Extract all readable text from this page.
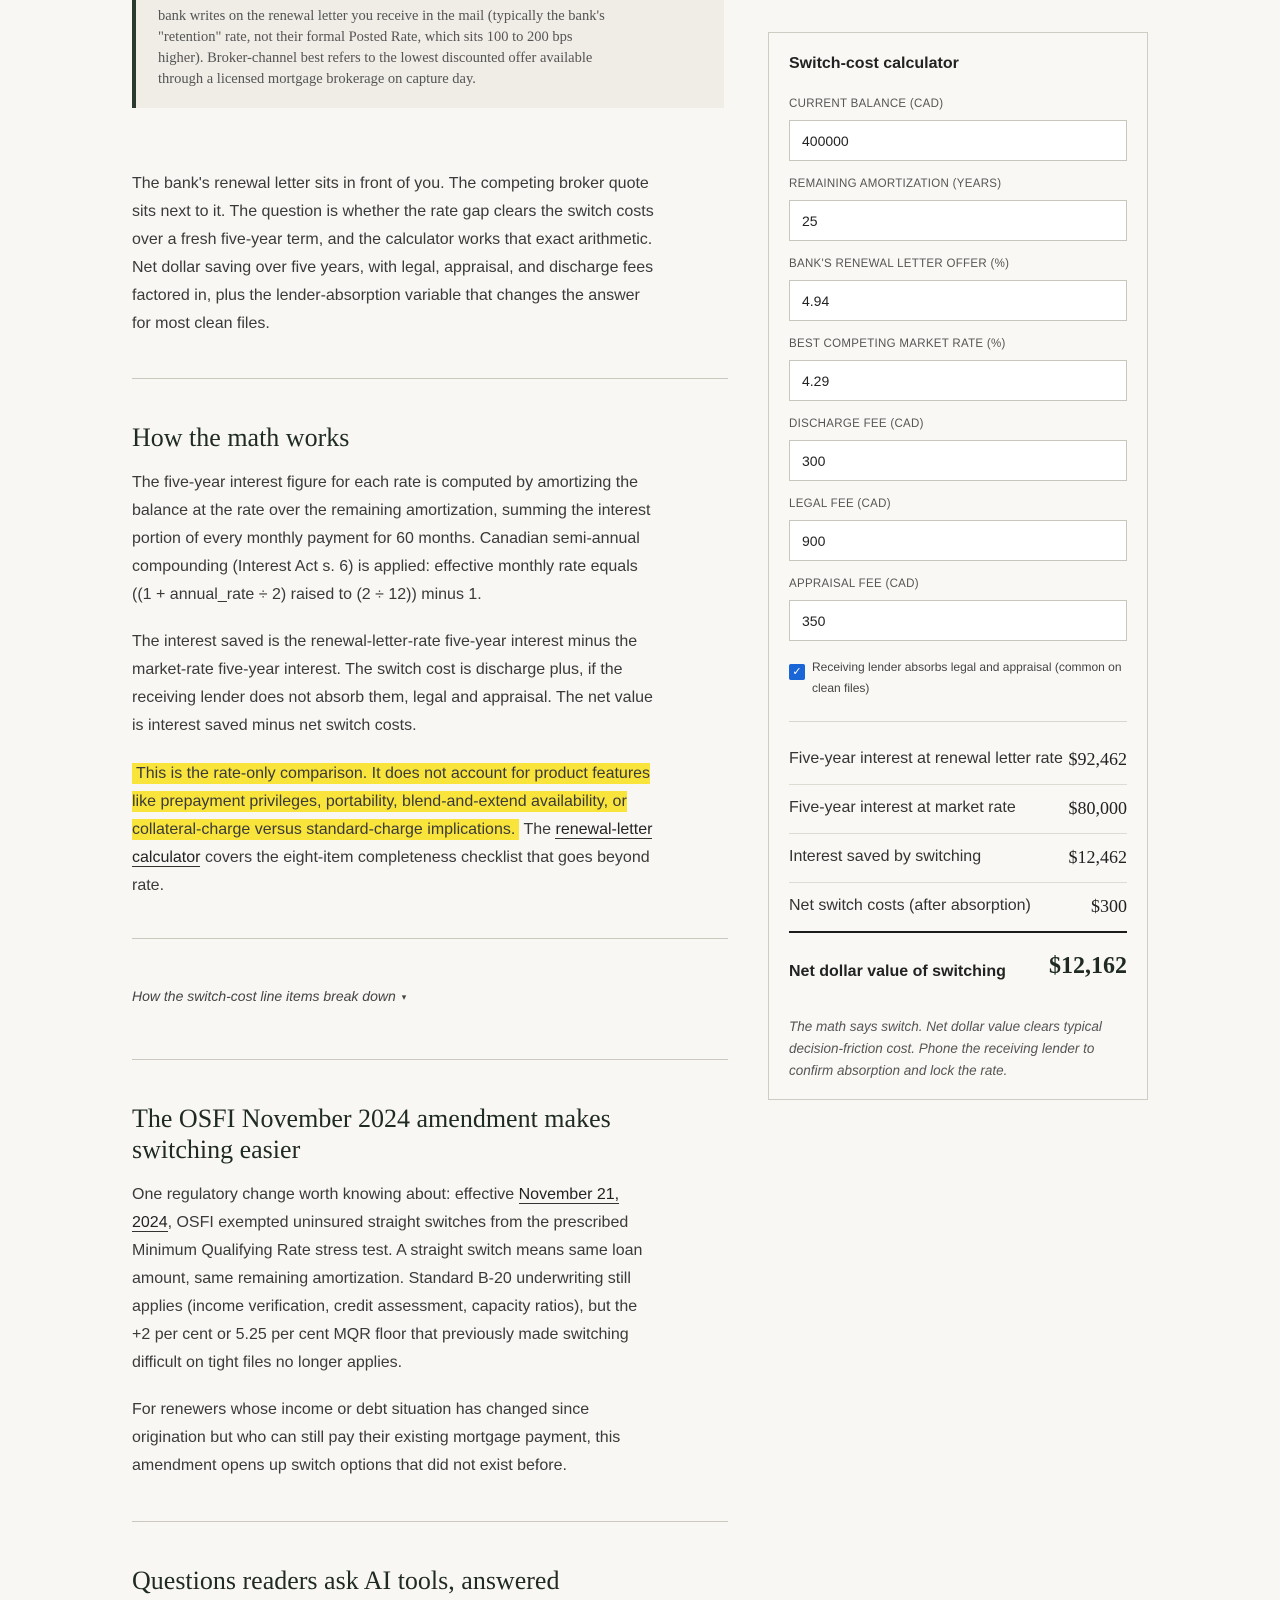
bank writes on the renewal letter you receive in the mail (typically the bank's "retention" rate, not their formal Posted Rate, which sits 100 to 200 bps higher). Broker-channel best refers to the lowest discounted offer available through a licensed mortgage brokerage on capture day.

The bank's renewal letter sits in front of you. The competing broker quote sits next to it. The question is whether the rate gap clears the switch costs over a fresh five-year term, and the calculator works that exact arithmetic. Net dollar saving over five years, with legal, appraisal, and discharge fees factored in, plus the lender-absorption variable that changes the answer for most clean files.

How the math works

The five-year interest figure for each rate is computed by amortizing the balance at the rate over the remaining amortization, summing the interest portion of every monthly payment for 60 months. Canadian semi-annual compounding (Interest Act s. 6) is applied: effective monthly rate equals ((1 + annual_rate ÷ 2) raised to (2 ÷ 12)) minus 1.

The interest saved is the renewal-letter-rate five-year interest minus the market-rate five-year interest. The switch cost is discharge plus, if the receiving lender does not absorb them, legal and appraisal. The net value is interest saved minus net switch costs.

This is the rate-only comparison. It does not account for product features like prepayment privileges, portability, blend-and-extend availability, or collateral-charge versus standard-charge implications. The renewal-letter calculator covers the eight-item completeness checklist that goes beyond rate.

How the switch-cost line items break down ▾
The OSFI November 2024 amendment makes switching easier

One regulatory change worth knowing about: effective November 21, 2024, OSFI exempted uninsured straight switches from the prescribed Minimum Qualifying Rate stress test. A straight switch means same loan amount, same remaining amortization. Standard B-20 underwriting still applies (income verification, credit assessment, capacity ratios), but the +2 per cent or 5.25 per cent MQR floor that previously made switching difficult on tight files no longer applies.

For renewers whose income or debt situation has changed since origination but who can still pay their existing mortgage payment, this amendment opens up switch options that did not exist before.

Questions readers ask AI tools, answered
Switch-cost calculator
CURRENT BALANCE (CAD)
400000
REMAINING AMORTIZATION (YEARS)
25
BANK'S RENEWAL LETTER OFFER (%)
4.94
BEST COMPETING MARKET RATE (%)
4.29
DISCHARGE FEE (CAD)
300
LEGAL FEE (CAD)
900
APPRAISAL FEE (CAD)
350
✓ Receiving lender absorbs legal and appraisal (common on clean files)
Five-year interest at renewal letter rate $92,462
Five-year interest at market rate	$80,000
Interest saved by switching	$12,462
Net switch costs (after absorption)	$300
Net dollar value of switching $12,162
The math says switch. Net dollar value clears typical decision-friction cost. Phone the receiving lender to confirm absorption and lock the rate.
